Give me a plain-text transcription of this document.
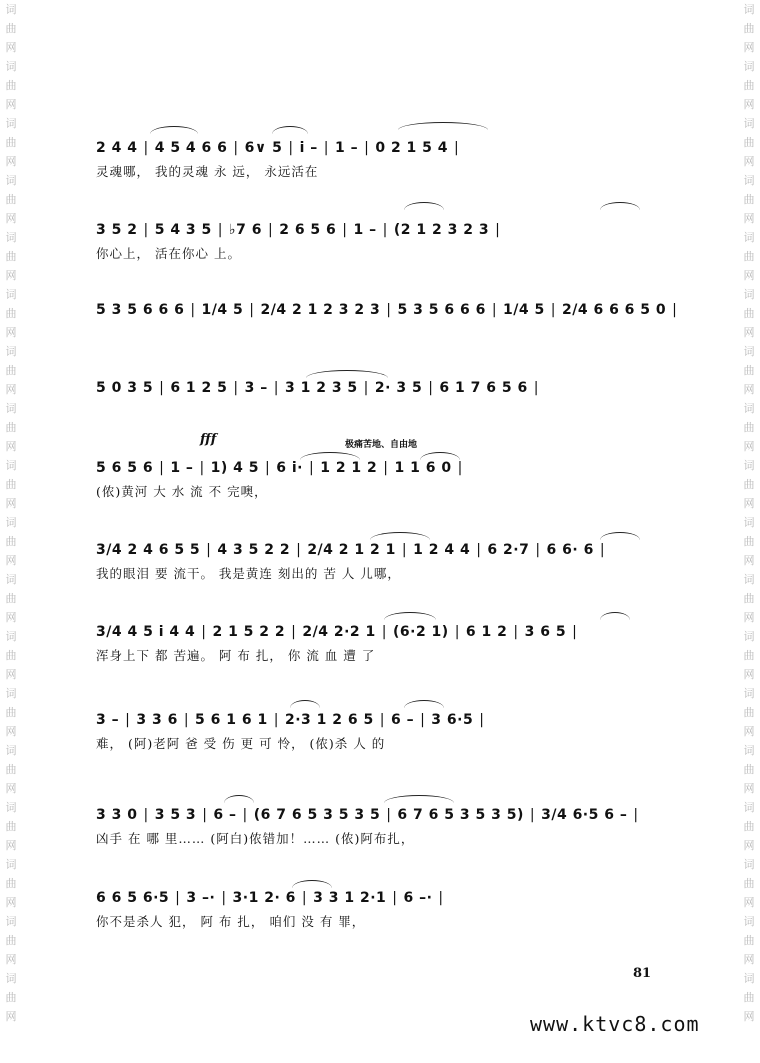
词曲网词曲网词曲网词曲网词曲网词曲网词曲网词曲网词曲网词曲网词曲网词曲网词曲网词曲网词曲网词曲网词曲网词曲网
词曲网词曲网词曲网词曲网词曲网词曲网词曲网词曲网词曲网词曲网词曲网词曲网词曲网词曲网词曲网词曲网词曲网词曲网
fff	极痛苦地、自由地
2 4 4 | 4 5 4 6 6 | 6∨ 5 | i – | 1 – | 0 2 1 5 4 |
灵魂哪， 我的灵魂 永 远， 永远活在
3 5 2 | 5 4 3 5 | ♭7 6 | 2 6 5 6 | 1 – | (2 1 2 3 2 3 |
你心上， 活在你心 上。
5 3 5 6 6 6 | 1/4 5 | 2/4 2 1 2 3 2 3 | 5 3 5 6 6 6 | 1/4 5 | 2/4 6 6 6 5 0 |
5 0 3 5 | 6 1 2 5 | 3 – | 3 1 2 3 5 | 2· 3 5 | 6 1 7 6 5 6 |
5 6 5 6 | 1 – | 1) 4 5 | 6 i· | 1 2 1 2 | 1 1 6 0 |
(侬)黄河 大 水 流 不 完噢，
3/4 2 4 6 5 5 | 4 3 5 2 2 | 2/4 2 1 2 1 | 1 2 4 4 | 6 2·7 | 6 6· 6 |
我的眼泪 要 流干。 我是黄连 刻出的 苦 人 儿哪，
3/4 4 5 i 4 4 | 2 1 5 2 2 | 2/4 2·2 1 | (6·2 1) | 6 1 2 | 3 6 5 |
浑身上下 都 苦遍。 阿 布 扎， 你 流 血 遭 了
3 – | 3 3 6 | 5 6 1 6 1 | 2·3 1 2 6 5 | 6 – | 3 6·5 |
难， (阿)老阿 爸 受 伤 更 可 怜， (侬)杀 人 的
3 3 0 | 3 5 3 | 6 – | (6 7 6 5 3 5 3 5 | 6 7 6 5 3 5 3 5) | 3/4 6·5 6 – |
凶手 在 哪 里…… (阿白)侬错加！…… (侬)阿布扎，
6 6 5 6·5 | 3 –· | 3·1 2· 6 | 3 3 1 2·1 | 6 –· |
你不是杀人 犯， 阿 布 扎， 咱们 没 有 罪，
81
www.ktvc8.com
